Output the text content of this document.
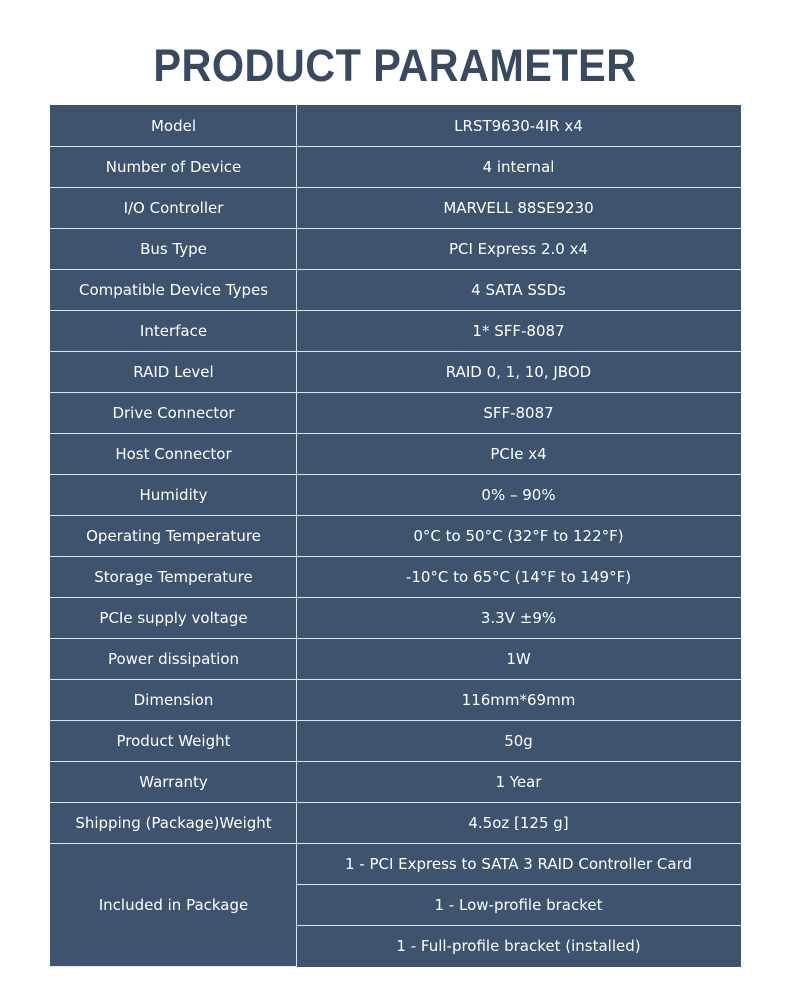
PRODUCT PARAMETER
Model	LRST9630-4IR x4
Number of Device	4 internal
I/O Controller	MARVELL 88SE9230
Bus Type	PCI Express 2.0 x4
Compatible Device Types	4 SATA SSDs
Interface	1* SFF-8087
RAID Level	RAID 0, 1, 10, JBOD
Drive Connector	SFF-8087
Host Connector	PCIe x4
Humidity	0% – 90%
Operating Temperature	0°C to 50°C (32°F to 122°F)
Storage Temperature	-10°C to 65°C (14°F to 149°F)
PCIe supply voltage	3.3V ±9%
Power dissipation	1W
Dimension	116mm*69mm
Product Weight	50g
Warranty	1 Year
Shipping (Package)Weight	4.5oz [125 g]
Included in Package	1 - PCI Express to SATA 3 RAID Controller Card
	1 - Low-profile bracket
	1 - Full-profile bracket (installed)
